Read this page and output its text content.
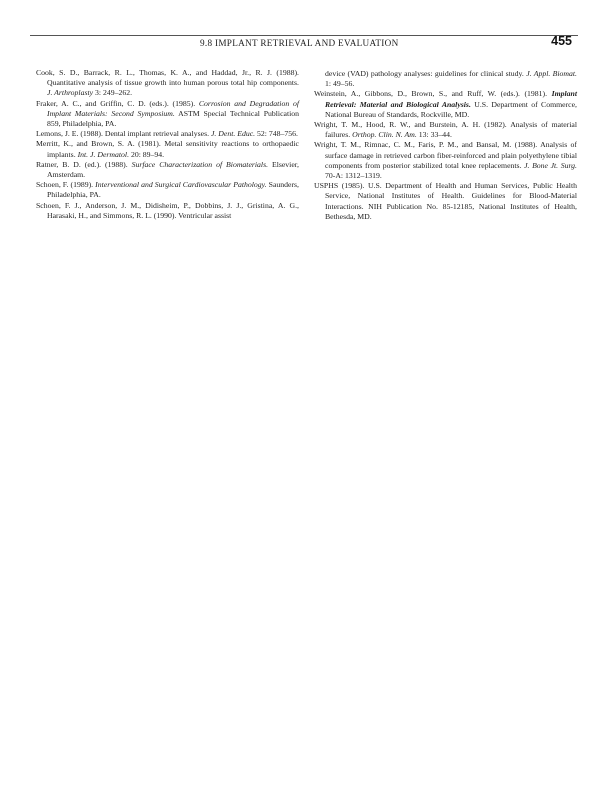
9.8 IMPLANT RETRIEVAL AND EVALUATION	455

Cook, S. D., Barrack, R. L., Thomas, K. A., and Haddad, Jr., R. J. (1988). Quantitative analysis of tissue growth into human porous total hip components. J. Arthroplasty 3: 249–262.

Fraker, A. C., and Griffin, C. D. (eds.). (1985). Corrosion and Degradation of Implant Materials: Second Symposium. ASTM Special Technical Publication 859, Philadelphia, PA.

Lemons, J. E. (1988). Dental implant retrieval analyses. J. Dent. Educ. 52: 748–756.

Merritt, K., and Brown, S. A. (1981). Metal sensitivity reactions to orthopaedic implants. Int. J. Dermatol. 20: 89–94.

Ratner, B. D. (ed.). (1988). Surface Characterization of Biomaterials. Elsevier, Amsterdam.

Schoen, F. (1989). Interventional and Surgical Cardiovascular Pathology. Saunders, Philadelphia, PA.

Schoen, F. J., Anderson, J. M., Didisheim, P., Dobbins, J. J., Gristina, A. G., Harasaki, H., and Simmons, R. L. (1990). Ventricular assist

device (VAD) pathology analyses: guidelines for clinical study. J. Appl. Biomat. 1: 49–56.

Weinstein, A., Gibbons, D., Brown, S., and Ruff, W. (eds.). (1981). Implant Retrieval: Material and Biological Analysis. U.S. Department of Commerce, National Bureau of Standards, Rockville, MD.

Wright, T. M., Hood, R. W., and Burstein, A. H. (1982). Analysis of material failures. Orthop. Clin. N. Am. 13: 33–44.

Wright, T. M., Rimnac, C. M., Faris, P. M., and Bansal, M. (1988). Analysis of surface damage in retrieved carbon fiber-reinforced and plain polyethylene tibial components from posterior stabilized total knee replacements. J. Bone Jt. Surg. 70-A: 1312–1319.

USPHS (1985). U.S. Department of Health and Human Services, Public Health Service, National Institutes of Health. Guidelines for Blood-Material Interactions. NIH Publication No. 85-12185, National Institutes of Health, Bethesda, MD.
